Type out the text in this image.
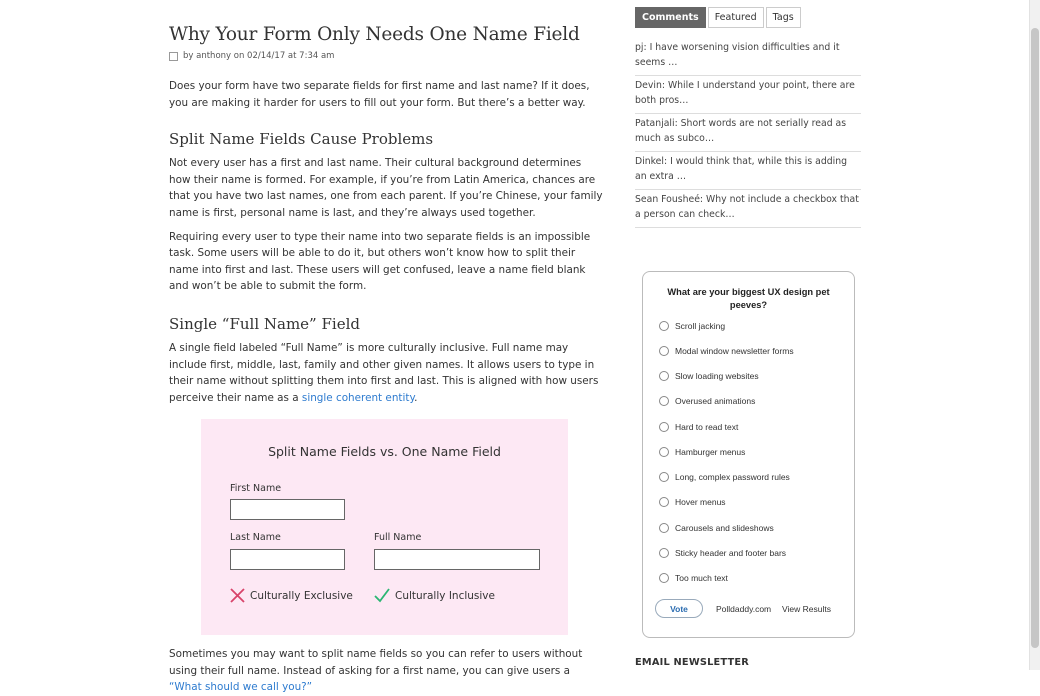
Why Your Form Only Needs One Name Field
by anthony on 02/14/17 at 7:34 am

Does your form have two separate fields for first name and last name? If it does, you are making it harder for users to fill out your form. But there’s a better way.

Split Name Fields Cause Problems

Not every user has a first and last name. Their cultural background determines how their name is formed. For example, if you’re from Latin America, chances are that you have two last names, one from each parent. If you’re Chinese, your family name is first, personal name is last, and they’re always used together.

Requiring every user to type their name into two separate fields is an impossible task. Some users will be able to do it, but others won’t know how to split their name into first and last. These users will get confused, leave a name field blank and won’t be able to submit the form.

Single “Full Name” Field

A single field labeled “Full Name” is more culturally inclusive. Full name may include first, middle, last, family and other given names. It allows users to type in their name without splitting them into first and last. This is aligned with how users perceive their name as a single coherent entity.

Split Name Fields vs. One Name Field
First Name
Last Name	Full Name
Culturally Exclusive	Culturally Inclusive

Sometimes you may want to split name fields so you can refer to users without using their full name. Instead of asking for a first name, you can give users a “What should we call you?”

Comments	Featured	Tags
pj: I have worsening vision difficulties and it seems …
Devin: While I understand your point, there are both pros…
Patanjali: Short words are not serially read as much as subco…
Dinkel: I would think that, while this is adding an extra …
Sean Fousheé: Why not include a checkbox that a person can check…
What are your biggest UX design pet peeves?
Scroll jacking
Modal window newsletter forms
Slow loading websites
Overused animations
Hard to read text
Hamburger menus
Long, complex password rules
Hover menus
Carousels and slideshows
Sticky header and footer bars
Too much text
Vote	Polldaddy.com View Results
EMAIL NEWSLETTER
